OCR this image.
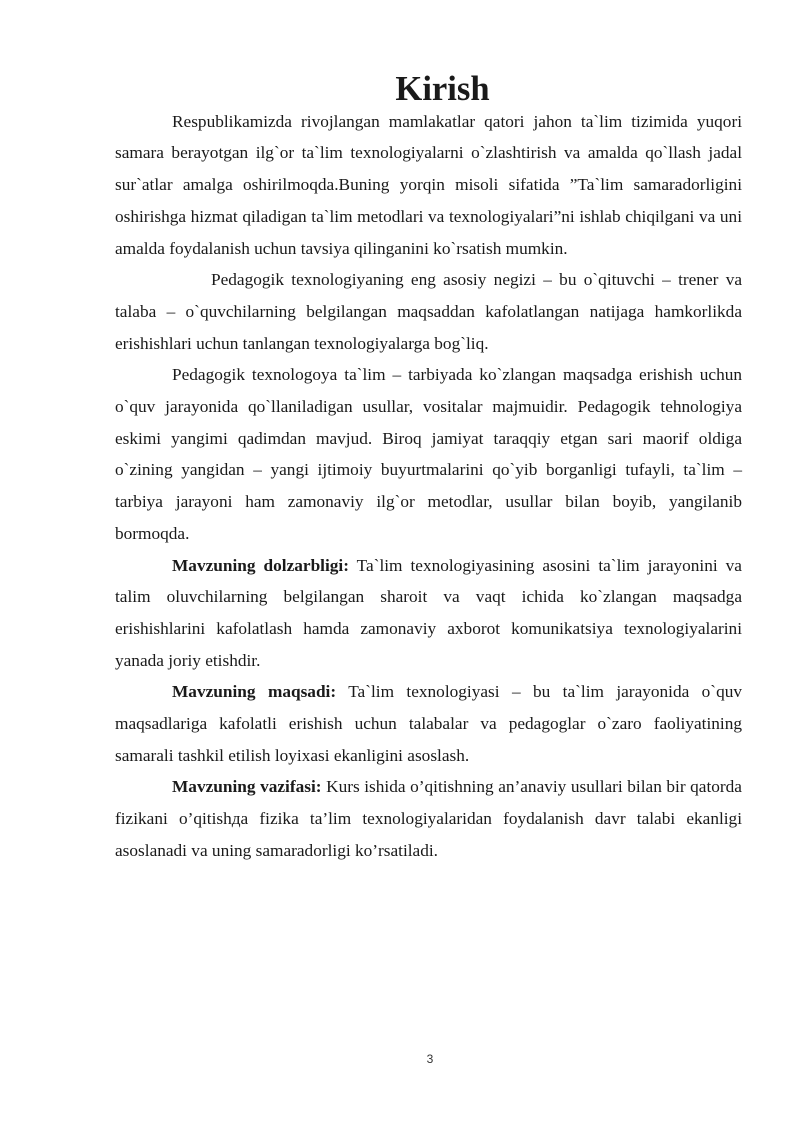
Kirish

Respublikamizda rivojlangan mamlakatlar qatori jahon ta`lim tizimida yuqori samara berayotgan ilg`or ta`lim texnologiyalarni o`zlashtirish va amalda qo`llash jadal sur`atlar amalga oshirilmoqda.Buning yorqin misoli sifatida ”Ta`lim samaradorligini oshirishga hizmat qiladigan ta`lim metodlari va texnologiyalari”ni ishlab chiqilgani va uni amalda foydalanish uchun tavsiya qilinganini ko`rsatish mumkin.

Pedagogik texnologiyaning eng asosiy negizi – bu o`qituvchi – trener va talaba – o`quvchilarning belgilangan maqsaddan kafolatlangan natijaga hamkorlikda erishishlari uchun tanlangan texnologiyalarga bog`liq.

Pedagogik texnologoya ta`lim – tarbiyada ko`zlangan maqsadga erishish uchun o`quv jarayonida qo`llaniladigan usullar, vositalar majmuidir. Pedagogik tehnologiya eskimi yangimi qadimdan mavjud. Biroq jamiyat taraqqiy etgan sari maorif oldiga o`zining yangidan – yangi ijtimoiy buyurtmalarini qo`yib borganligi tufayli, ta`lim – tarbiya jarayoni ham zamonaviy ilg`or metodlar, usullar bilan boyib, yangilanib bormoqda.

Mavzuning dolzarbligi: Ta`lim texnologiyasining asosini ta`lim jarayonini va talim oluvchilarning belgilangan sharoit va vaqt ichida ko`zlangan maqsadga erishishlarini kafolatlash hamda zamonaviy axborot komunikatsiya texnologiyalarini yanada joriy etishdir.

Mavzuning maqsadi: Ta`lim texnologiyasi – bu ta`lim jarayonida o`quv maqsadlariga kafolatli erishish uchun talabalar va pedagoglar o`zaro faoliyatining samarali tashkil etilish loyixasi ekanligini asoslash.

Mavzuning vazifasi: Kurs ishida o’qitishning an’anaviy usullari bilan bir qatorda fizikani o’qitishда fizika ta’lim texnologiyalaridan foydalanish davr talabi ekanligi asoslanadi va uning samaradorligi ko’rsatiladi.

3
